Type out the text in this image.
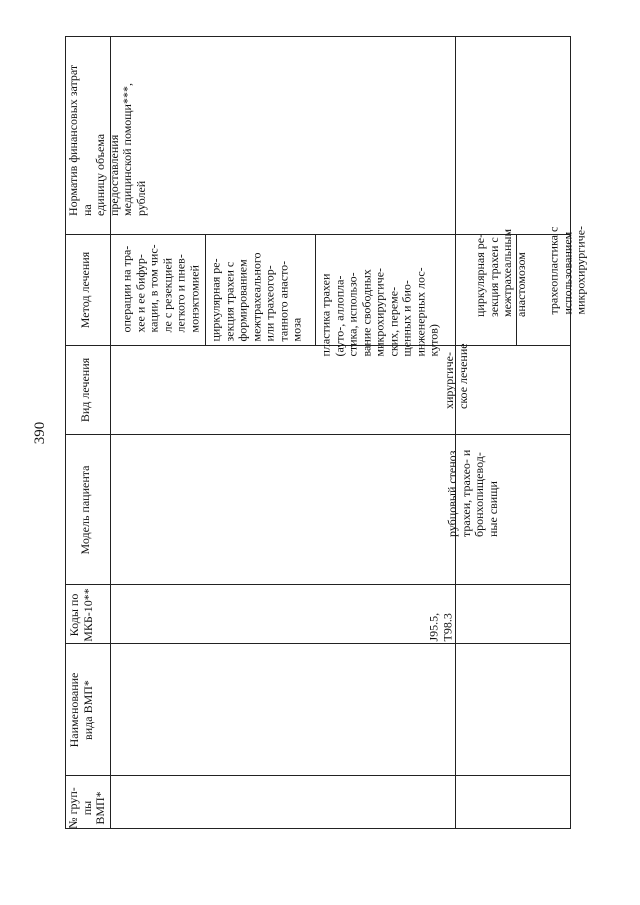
390
№ груп-
пы
ВМП*
Наименование
вида ВМП*
Коды по
МКБ-10**
Модель пациента
Вид лечения
Метод лечения
Норматив финансовых затрат на
единицу объема предоставления
медицинской помощи***, рублей
операции на тра-
хее и ее бифур-
кации, в том чис-
ле с резекцией
легкого и пнев-
монэктомией циркулярная ре-
зекция трахеи с
формированием
межтрахеального
или трахеогор-
танного анасто-
моза	пластика трахеи
(ауто-, аллопла-
стика, использо-
вание свободных
микрохирургиче-
ских, переме-
щенных и био-
инженерных лос-
кутов)
J95.5, T98.3
рубцовый стеноз
трахеи, трахео- и
бронхопищевод-
ные свищи
хирургиче-
ское лечение
циркулярная ре-
зекция трахеи с
межтрахеальным
анастомозом	трахеопластика с
использованием
микрохирургиче-
